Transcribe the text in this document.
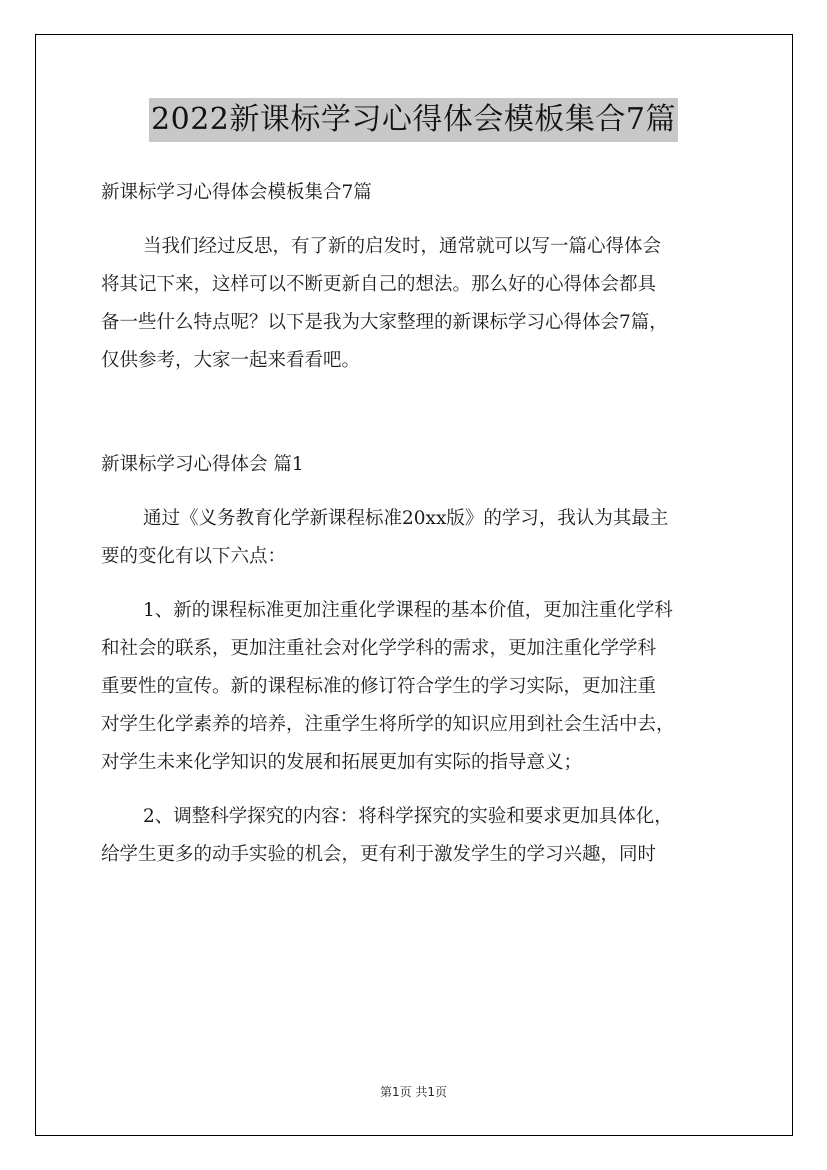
2022新课标学习心得体会模板集合7篇
新课标学习心得体会模板集合7篇
当我们经过反思，有了新的启发时，通常就可以写一篇心得体会
将其记下来，这样可以不断更新自己的想法。那么好的心得体会都具
备一些什么特点呢？以下是我为大家整理的新课标学习心得体会7篇，
仅供参考，大家一起来看看吧。
新课标学习心得体会 篇1
通过《义务教育化学新课程标准20xx版》的学习，我认为其最主
要的变化有以下六点：
1、新的课程标准更加注重化学课程的基本价值，更加注重化学科
和社会的联系，更加注重社会对化学学科的需求，更加注重化学学科
重要性的宣传。新的课程标准的修订符合学生的学习实际，更加注重
对学生化学素养的培养，注重学生将所学的知识应用到社会生活中去，
对学生未来化学知识的发展和拓展更加有实际的指导意义；
2、调整科学探究的内容：将科学探究的实验和要求更加具体化，
给学生更多的动手实验的机会，更有利于激发学生的学习兴趣，同时
第1页 共1页
